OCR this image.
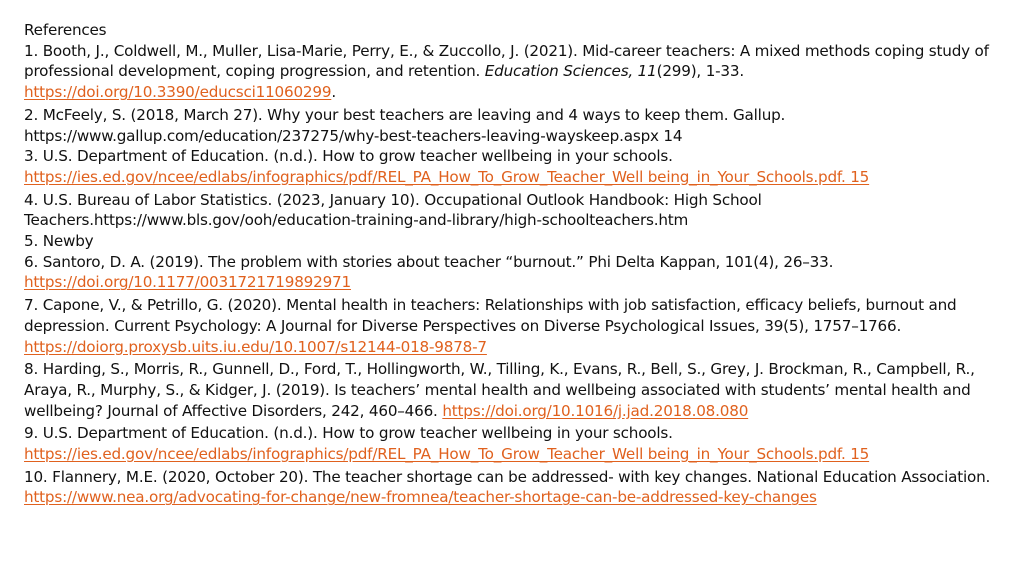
References
1. Booth, J., Coldwell, M., Muller, Lisa-Marie, Perry, E., & Zuccollo, J. (2021). Mid-career teachers: A mixed methods coping study of professional development, coping progression, and retention. Education Sciences, 11(299), 1-33.
https://doi.org/10.3390/educsci11060299.
2. McFeely, S. (2018, March 27). Why your best teachers are leaving and 4 ways to keep them. Gallup.
https://www.gallup.com/education/237275/why-best-teachers-leaving-wayskeep.aspx 14
3. U.S. Department of Education. (n.d.). How to grow teacher wellbeing in your schools.
https://ies.ed.gov/ncee/edlabs/infographics/pdf/REL_PA_How_To_Grow_Teacher_Well being_in_Your_Schools.pdf. 15
4. U.S. Bureau of Labor Statistics. (2023, January 10). Occupational Outlook Handbook: High School Teachers.https://www.bls.gov/ooh/education-training-and-library/high-schoolteachers.htm
5. Newby
6. Santoro, D. A. (2019). The problem with stories about teacher “burnout.” Phi Delta Kappan, 101(4), 26–33.
https://doi.org/10.1177/0031721719892971
7. Capone, V., & Petrillo, G. (2020). Mental health in teachers: Relationships with job satisfaction, efficacy beliefs, burnout and depression. Current Psychology: A Journal for Diverse Perspectives on Diverse Psychological Issues, 39(5), 1757–1766.
https://doiorg.proxysb.uits.iu.edu/10.1007/s12144-018-9878-7
8. Harding, S., Morris, R., Gunnell, D., Ford, T., Hollingworth, W., Tilling, K., Evans, R., Bell, S., Grey, J. Brockman, R., Campbell, R., Araya, R., Murphy, S., & Kidger, J. (2019). Is teachers’ mental health and wellbeing associated with students’ mental health and wellbeing? Journal of Affective Disorders, 242, 460–466. https://doi.org/10.1016/j.jad.2018.08.080
9. U.S. Department of Education. (n.d.). How to grow teacher wellbeing in your schools.
https://ies.ed.gov/ncee/edlabs/infographics/pdf/REL_PA_How_To_Grow_Teacher_Well being_in_Your_Schools.pdf. 15
10. Flannery, M.E. (2020, October 20). The teacher shortage can be addressed- with key changes. National Education Association. https://www.nea.org/advocating-for-change/new-fromnea/teacher-shortage-can-be-addressed-key-changes
